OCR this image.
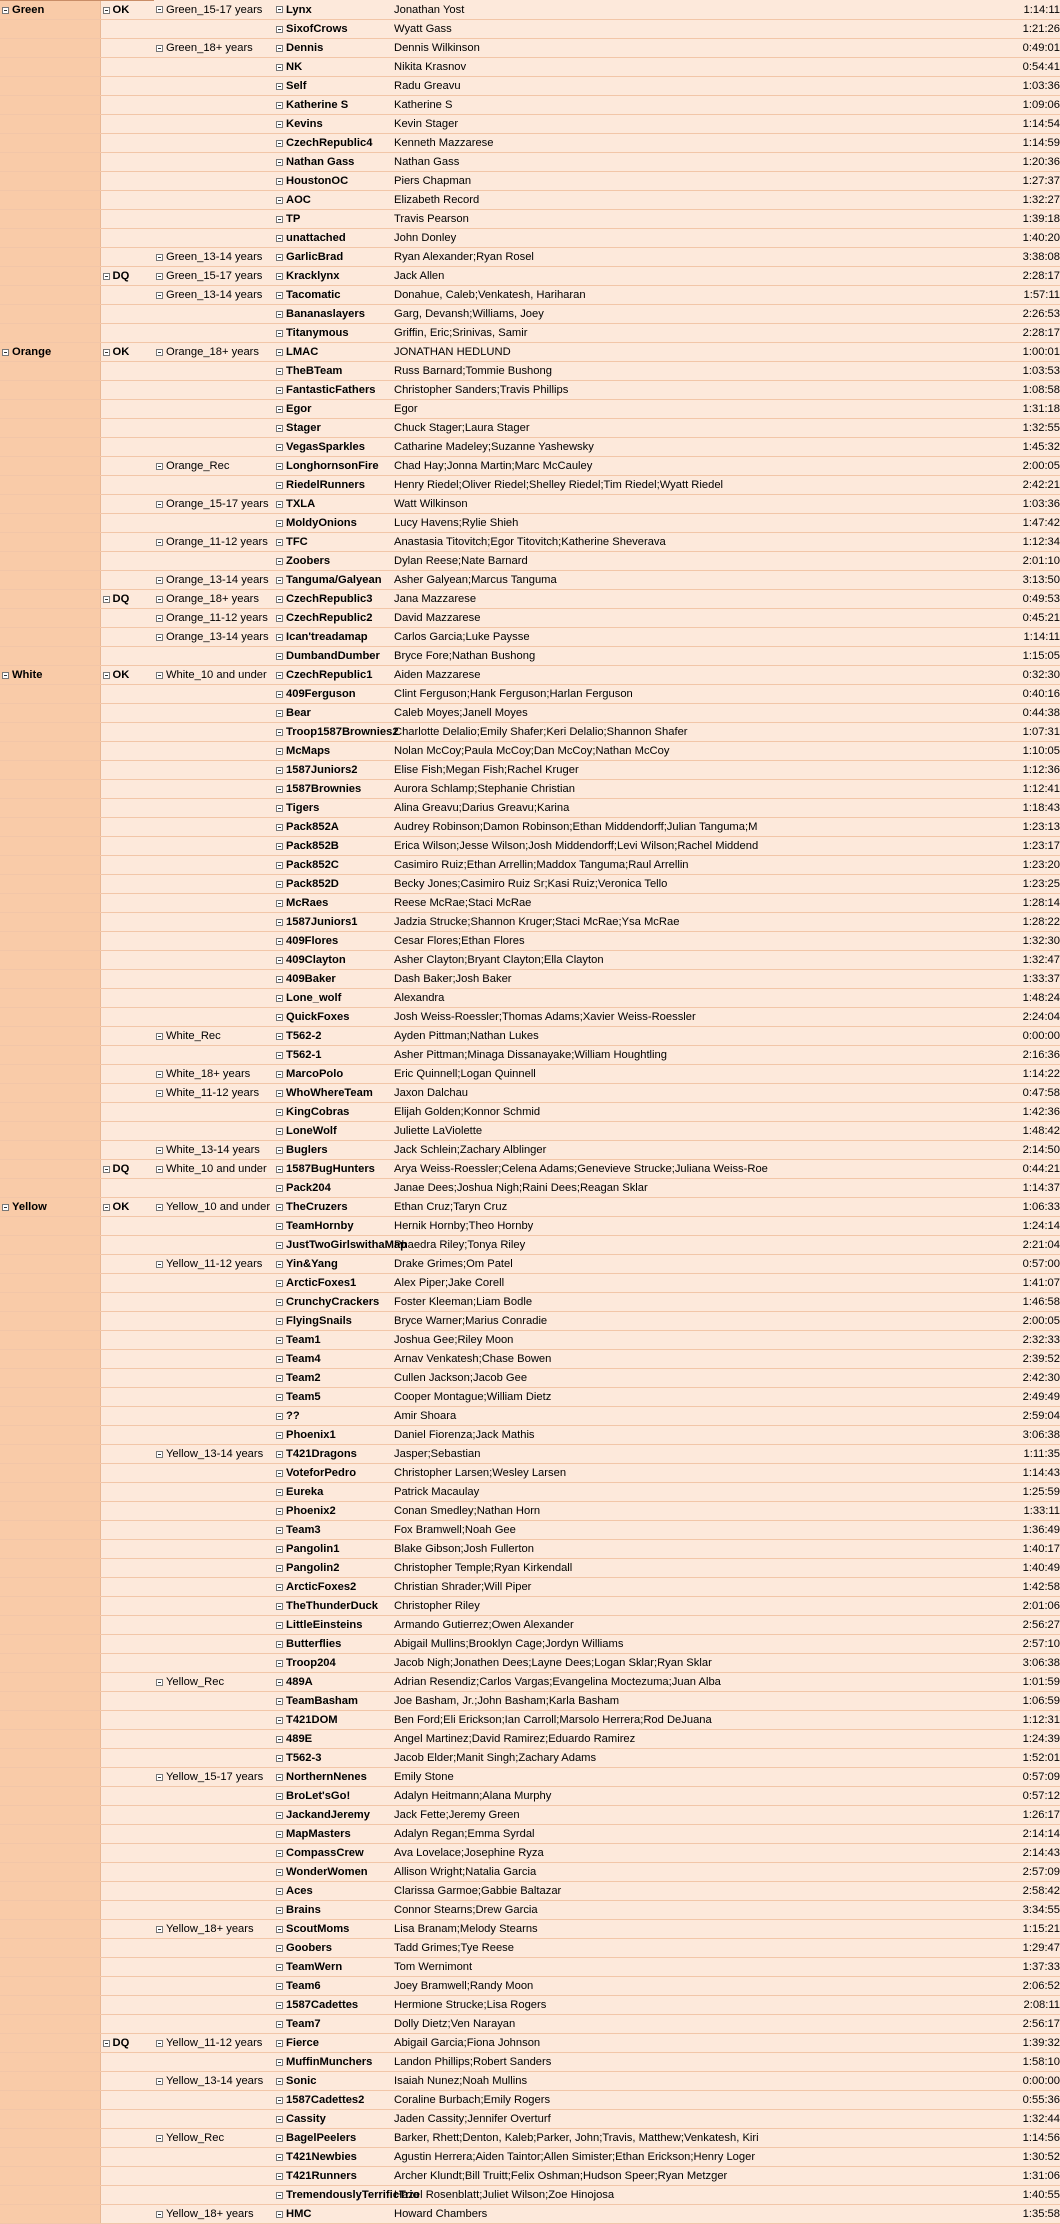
Green	OK	Green_15-17 years	Lynx	Jonathan Yost	1:14:11
			SixofCrows	Wyatt Gass	1:21:26
		Green_18+ years	Dennis	Dennis Wilkinson	0:49:01
			NK	Nikita Krasnov	0:54:41
			Self	Radu Greavu	1:03:36
			Katherine S	Katherine S	1:09:06
			Kevins	Kevin Stager	1:14:54
			CzechRepublic4	Kenneth Mazzarese	1:14:59
			Nathan Gass	Nathan Gass	1:20:36
			HoustonOC	Piers Chapman	1:27:37
			AOC	Elizabeth Record	1:32:27
			TP	Travis Pearson	1:39:18
			unattached	John Donley	1:40:20
		Green_13-14 years	GarlicBrad	Ryan Alexander;Ryan Rosel	3:38:08
	DQ	Green_15-17 years	Kracklynx	Jack Allen	2:28:17
		Green_13-14 years	Tacomatic	Donahue, Caleb;Venkatesh, Hariharan	1:57:11
			Bananaslayers	Garg, Devansh;Williams, Joey	2:26:53
			Titanymous	Griffin, Eric;Srinivas, Samir	2:28:17
Orange	OK	Orange_18+ years	LMAC	JONATHAN HEDLUND	1:00:01
			TheBTeam	Russ Barnard;Tommie Bushong	1:03:53
			FantasticFathers	Christopher Sanders;Travis Phillips	1:08:58
			Egor	Egor	1:31:18
			Stager	Chuck Stager;Laura Stager	1:32:55
			VegasSparkles	Catharine Madeley;Suzanne Yashewsky	1:45:32
		Orange_Rec	LonghornsonFire	Chad Hay;Jonna Martin;Marc McCauley	2:00:05
			RiedelRunners	Henry Riedel;Oliver Riedel;Shelley Riedel;Tim Riedel;Wyatt Riedel	2:42:21
		Orange_15-17 years	TXLA	Watt Wilkinson	1:03:36
			MoldyOnions	Lucy Havens;Rylie Shieh	1:47:42
		Orange_11-12 years	TFC	Anastasia Titovitch;Egor Titovitch;Katherine Sheverava	1:12:34
			Zoobers	Dylan Reese;Nate Barnard	2:01:10
		Orange_13-14 years	Tanguma/Galyean	Asher Galyean;Marcus Tanguma	3:13:50
	DQ	Orange_18+ years	CzechRepublic3	Jana Mazzarese	0:49:53
		Orange_11-12 years	CzechRepublic2	David Mazzarese	0:45:21
		Orange_13-14 years	Ican'treadamap	Carlos Garcia;Luke Paysse	1:14:11
			DumbandDumber	Bryce Fore;Nathan Bushong	1:15:05
White	OK	White_10 and under	CzechRepublic1	Aiden Mazzarese	0:32:30
			409Ferguson	Clint Ferguson;Hank Ferguson;Harlan Ferguson	0:40:16
			Bear	Caleb Moyes;Janell Moyes	0:44:38
			Troop1587Brownies2	Charlotte Delalio;Emily Shafer;Keri Delalio;Shannon Shafer	1:07:31
			McMaps	Nolan McCoy;Paula McCoy;Dan McCoy;Nathan McCoy	1:10:05
			1587Juniors2	Elise Fish;Megan Fish;Rachel Kruger	1:12:36
			1587Brownies	Aurora Schlamp;Stephanie Christian	1:12:41
			Tigers	Alina Greavu;Darius Greavu;Karina	1:18:43
			Pack852A	Audrey Robinson;Damon Robinson;Ethan Middendorff;Julian Tanguma;M	1:23:13
			Pack852B	Erica Wilson;Jesse Wilson;Josh Middendorff;Levi Wilson;Rachel Middend	1:23:17
			Pack852C	Casimiro Ruiz;Ethan Arrellin;Maddox Tanguma;Raul Arrellin	1:23:20
			Pack852D	Becky Jones;Casimiro Ruiz Sr;Kasi Ruiz;Veronica Tello	1:23:25
			McRaes	Reese McRae;Staci McRae	1:28:14
			1587Juniors1	Jadzia Strucke;Shannon Kruger;Staci McRae;Ysa McRae	1:28:22
			409Flores	Cesar Flores;Ethan Flores	1:32:30
			409Clayton	Asher Clayton;Bryant Clayton;Ella Clayton	1:32:47
			409Baker	Dash Baker;Josh Baker	1:33:37
			Lone_wolf	Alexandra	1:48:24
			QuickFoxes	Josh Weiss-Roessler;Thomas Adams;Xavier Weiss-Roessler	2:24:04
		White_Rec	T562-2	Ayden Pittman;Nathan Lukes	0:00:00
			T562-1	Asher Pittman;Minaga Dissanayake;William Houghtling	2:16:36
		White_18+ years	MarcoPolo	Eric Quinnell;Logan Quinnell	1:14:22
		White_11-12 years	WhoWhereTeam	Jaxon Dalchau	0:47:58
			KingCobras	Elijah Golden;Konnor Schmid	1:42:36
			LoneWolf	Juliette LaViolette	1:48:42
		White_13-14 years	Buglers	Jack Schlein;Zachary Alblinger	2:14:50
	DQ	White_10 and under	1587BugHunters	Arya Weiss-Roessler;Celena Adams;Genevieve Strucke;Juliana Weiss-Roe	0:44:21
			Pack204	Janae Dees;Joshua Nigh;Raini Dees;Reagan Sklar	1:14:37
Yellow	OK	Yellow_10 and under	TheCruzers	Ethan Cruz;Taryn Cruz	1:06:33
			TeamHornby	Hernik Hornby;Theo Hornby	1:24:14
			JustTwoGirlswithaMap	Phaedra Riley;Tonya Riley	2:21:04
		Yellow_11-12 years	Yin&Yang	Drake Grimes;Om Patel	0:57:00
			ArcticFoxes1	Alex Piper;Jake Corell	1:41:07
			CrunchyCrackers	Foster Kleeman;Liam Bodle	1:46:58
			FlyingSnails	Bryce Warner;Marius Conradie	2:00:05
			Team1	Joshua Gee;Riley Moon	2:32:33
			Team4	Arnav Venkatesh;Chase Bowen	2:39:52
			Team2	Cullen Jackson;Jacob Gee	2:42:30
			Team5	Cooper Montague;William Dietz	2:49:49
			??	Amir Shoara	2:59:04
			Phoenix1	Daniel Fiorenza;Jack Mathis	3:06:38
		Yellow_13-14 years	T421Dragons	Jasper;Sebastian	1:11:35
			VoteforPedro	Christopher Larsen;Wesley Larsen	1:14:43
			Eureka	Patrick Macaulay	1:25:59
			Phoenix2	Conan Smedley;Nathan Horn	1:33:11
			Team3	Fox Bramwell;Noah Gee	1:36:49
			Pangolin1	Blake Gibson;Josh Fullerton	1:40:17
			Pangolin2	Christopher Temple;Ryan Kirkendall	1:40:49
			ArcticFoxes2	Christian Shrader;Will Piper	1:42:58
			TheThunderDuck	Christopher Riley	2:01:06
			LittleEinsteins	Armando Gutierrez;Owen Alexander	2:56:27
			Butterflies	Abigail Mullins;Brooklyn Cage;Jordyn Williams	2:57:10
			Troop204	Jacob Nigh;Jonathen Dees;Layne Dees;Logan Sklar;Ryan Sklar	3:06:38
		Yellow_Rec	489A	Adrian Resendiz;Carlos Vargas;Evangelina Moctezuma;Juan Alba	1:01:59
			TeamBasham	Joe Basham, Jr.;John Basham;Karla Basham	1:06:59
			T421DOM	Ben Ford;Eli Erickson;Ian Carroll;Marsolo Herrera;Rod DeJuana	1:12:31
			489E	Angel Martinez;David Ramirez;Eduardo Ramirez	1:24:39
			T562-3	Jacob Elder;Manit Singh;Zachary Adams	1:52:01
		Yellow_15-17 years	NorthernNenes	Emily Stone	0:57:09
			BroLet'sGo!	Adalyn Heitmann;Alana Murphy	0:57:12
			JackandJeremy	Jack Fette;Jeremy Green	1:26:17
			MapMasters	Adalyn Regan;Emma Syrdal	2:14:14
			CompassCrew	Ava Lovelace;Josephine Ryza	2:14:43
			WonderWomen	Allison Wright;Natalia Garcia	2:57:09
			Aces	Clarissa Garmoe;Gabbie Baltazar	2:58:42
			Brains	Connor Stearns;Drew Garcia	3:34:55
		Yellow_18+ years	ScoutMoms	Lisa Branam;Melody Stearns	1:15:21
			Goobers	Tadd Grimes;Tye Reese	1:29:47
			TeamWern	Tom Wernimont	1:37:33
			Team6	Joey Bramwell;Randy Moon	2:06:52
			1587Cadettes	Hermione Strucke;Lisa Rogers	2:08:11
			Team7	Dolly Dietz;Ven Narayan	2:56:17
	DQ	Yellow_11-12 years	Fierce	Abigail Garcia;Fiona Johnson	1:39:32
			MuffinMunchers	Landon Phillips;Robert Sanders	1:58:10
		Yellow_13-14 years	Sonic	Isaiah Nunez;Noah Mullins	0:00:00
			1587Cadettes2	Coraline Burbach;Emily Rogers	0:55:36
			Cassity	Jaden Cassity;Jennifer Overturf	1:32:44
		Yellow_Rec	BagelPeelers	Barker, Rhett;Denton, Kaleb;Parker, John;Travis, Matthew;Venkatesh, Kiri	1:14:56
			T421Newbies	Agustin Herrera;Aiden Taintor;Allen Simister;Ethan Erickson;Henry Loger	1:30:52
			T421Runners	Archer Klundt;Bill Truitt;Felix Oshman;Hudson Speer;Ryan Metzger	1:31:06
			TremendouslyTerrificTrio	Hazel Rosenblatt;Juliet Wilson;Zoe Hinojosa	1:40:55
		Yellow_18+ years	HMC	Howard Chambers	1:35:58
